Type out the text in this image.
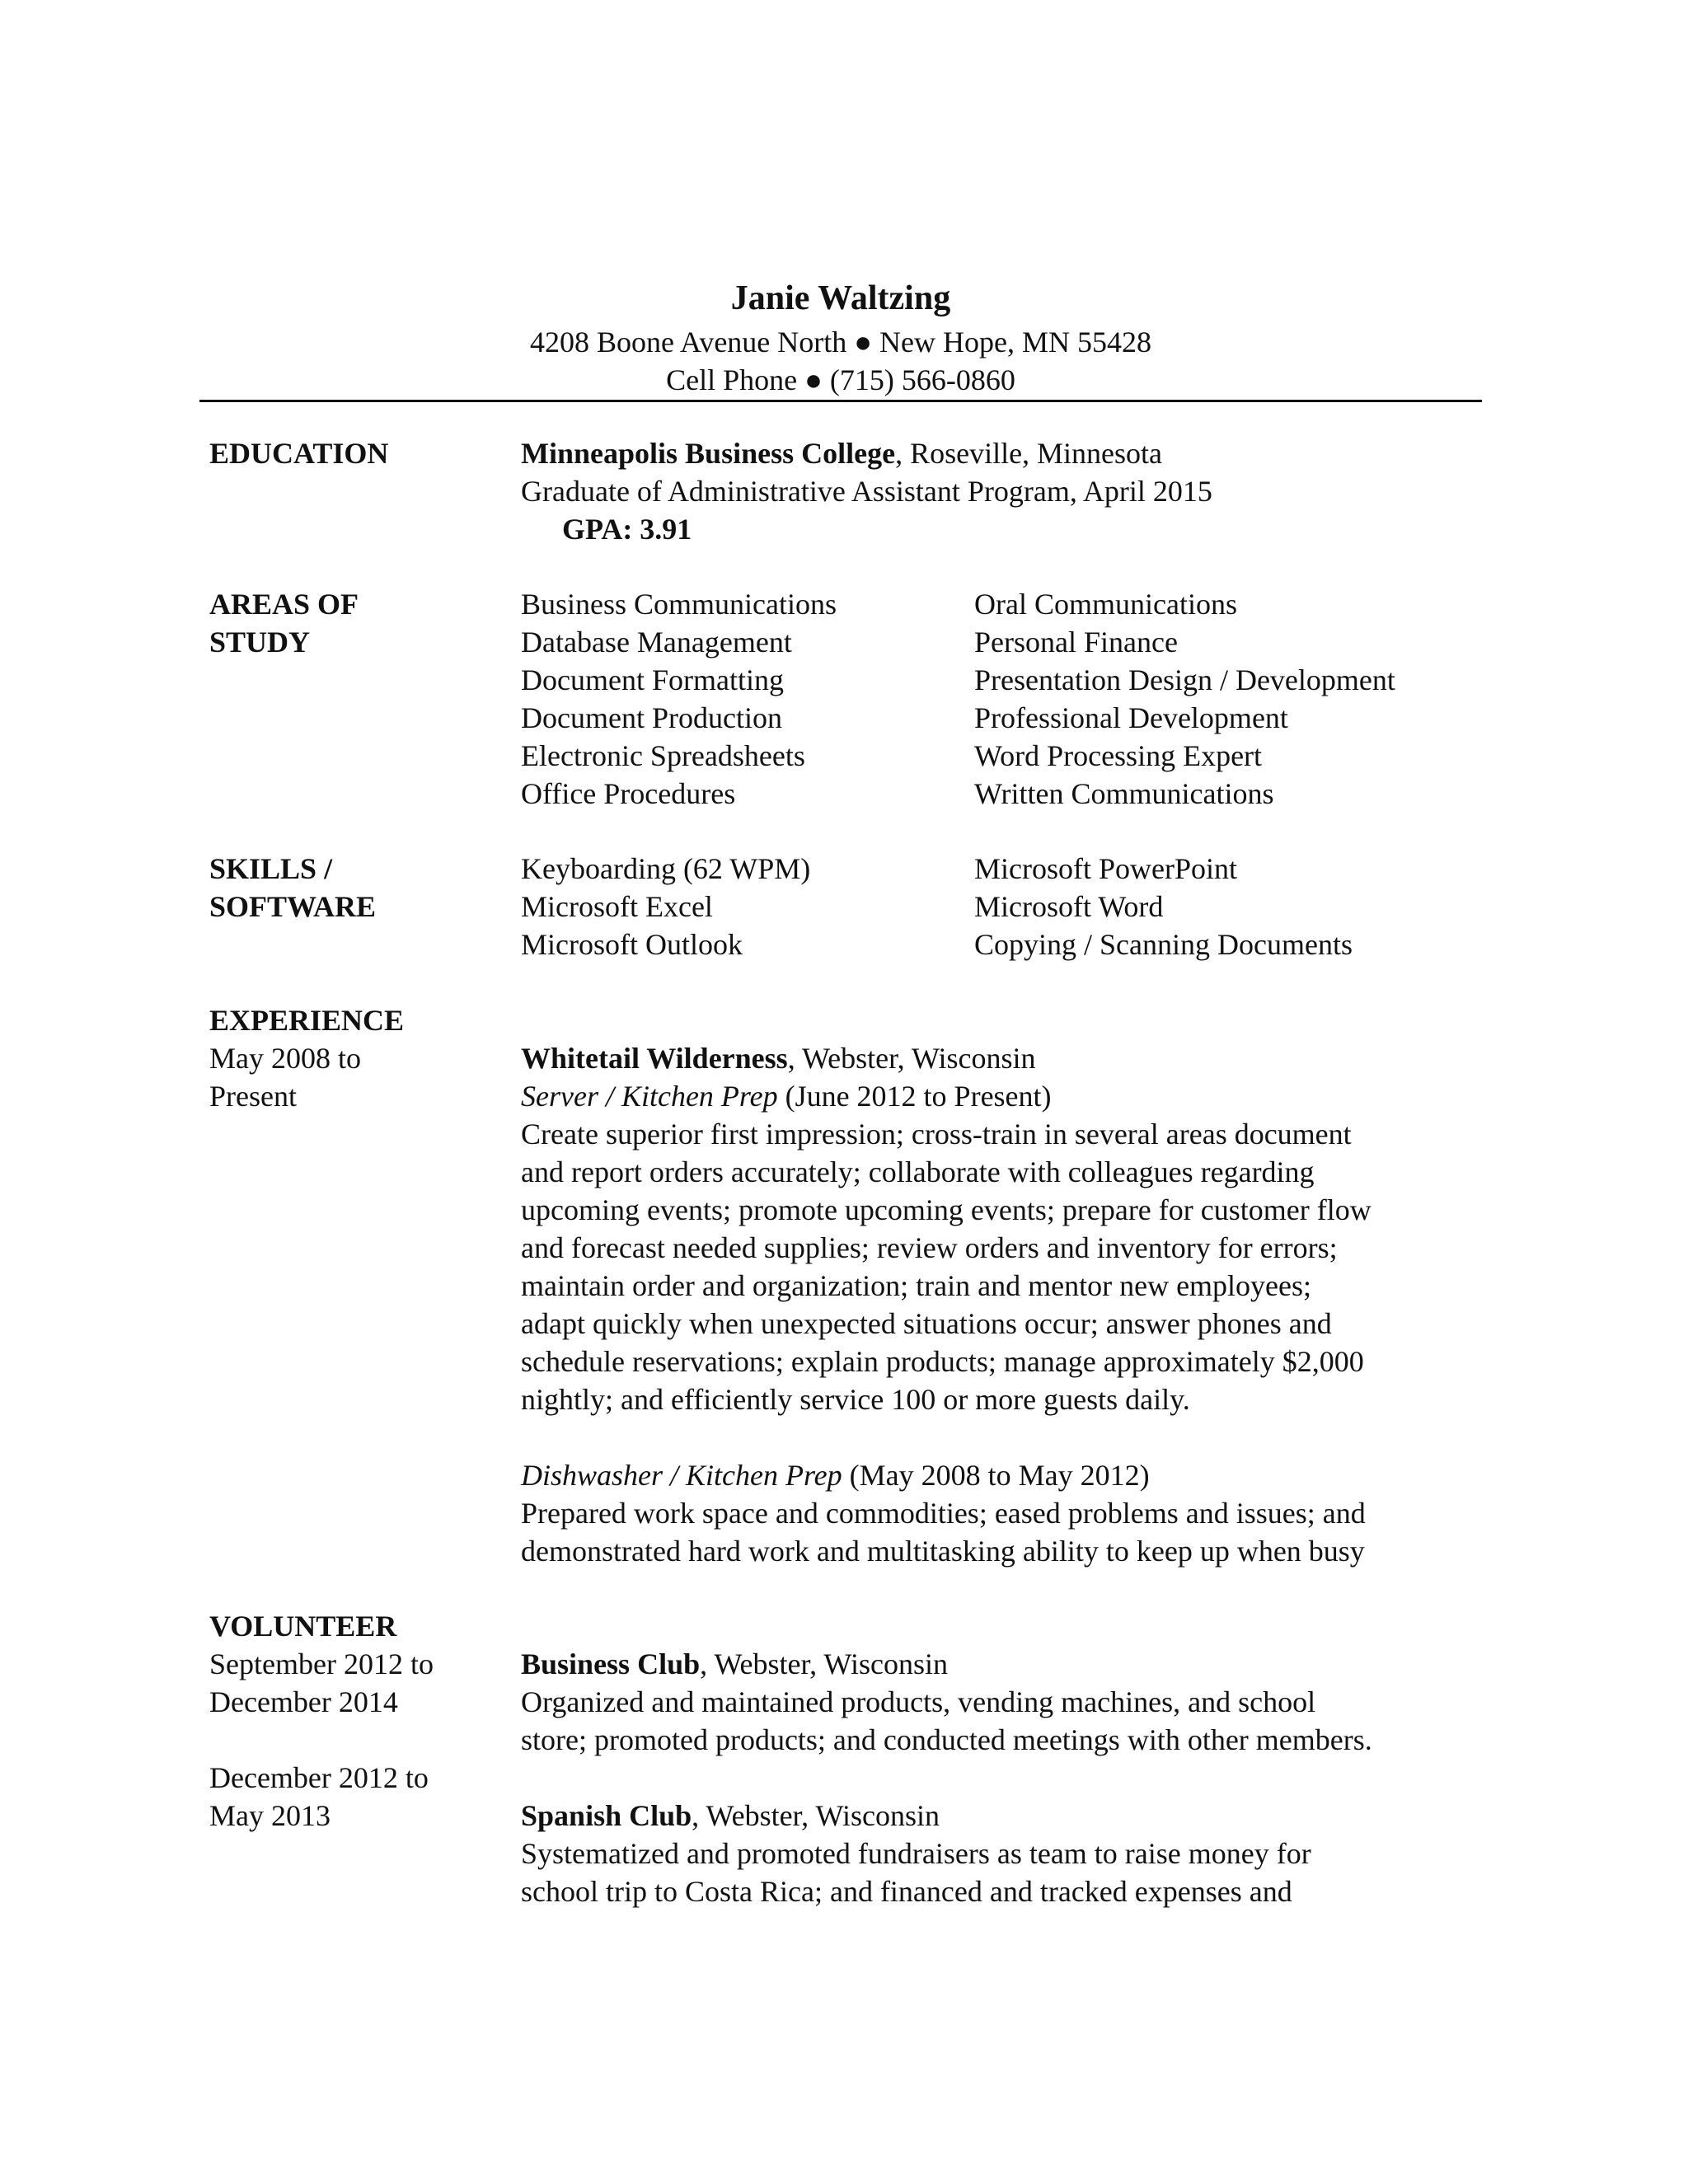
Janie Waltzing
4208 Boone Avenue North ● New Hope, MN 55428
Cell Phone ● (715) 566-0860
EDUCATION	Minneapolis Business College, Roseville, Minnesota
Graduate of Administrative Assistant Program, April 2015
GPA: 3.91
AREAS OF
STUDY
Business Communications
Database Management
Document Formatting
Document Production
Electronic Spreadsheets
Office Procedures
Oral Communications
Personal Finance
Presentation Design / Development
Professional Development
Word Processing Expert
Written Communications
SKILLS /
SOFTWARE
Keyboarding (62 WPM)
Microsoft Excel
Microsoft Outlook
Microsoft PowerPoint
Microsoft Word
Copying / Scanning Documents
EXPERIENCE
May 2008 to
Present
Whitetail Wilderness, Webster, Wisconsin
Server / Kitchen Prep (June 2012 to Present)
Create superior first impression; cross-train in several areas document
and report orders accurately; collaborate with colleagues regarding
upcoming events; promote upcoming events; prepare for customer flow
and forecast needed supplies; review orders and inventory for errors;
maintain order and organization; train and mentor new employees;
adapt quickly when unexpected situations occur; answer phones and
schedule reservations; explain products; manage approximately $2,000
nightly; and efficiently service 100 or more guests daily.
Dishwasher / Kitchen Prep (May 2008 to May 2012)
Prepared work space and commodities; eased problems and issues; and
demonstrated hard work and multitasking ability to keep up when busy
VOLUNTEER
September 2012 to
December 2014
December 2012 to
May 2013
Business Club, Webster, Wisconsin
Organized and maintained products, vending machines, and school
store; promoted products; and conducted meetings with other members.
Spanish Club, Webster, Wisconsin
Systematized and promoted fundraisers as team to raise money for
school trip to Costa Rica; and financed and tracked expenses and
